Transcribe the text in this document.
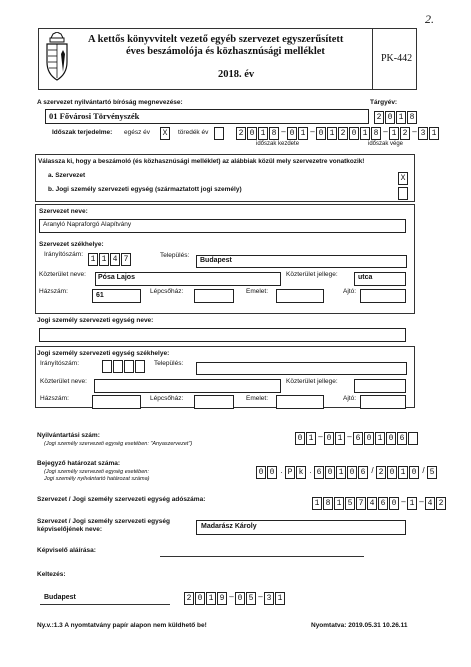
2.
A kettős könyvvitelt vezető egyéb szervezet egyszerűsített
éves beszámolója és közhasznúsági melléklet
2018. év
PK-442
A szervezet nyilvántartó bíróság megnevezése:	Tárgyév:
01 Fővárosi Törvényszék	2 0 1 8
Időszak terjedelme: egész év	X	töredék év	2 0 1 8 – 0 1 – 0 1 2 0 1 8 – 1 2 – 3 1
időszak kezdete	időszak vége
Válassza ki, hogy a beszámoló (és közhasznúsági melléklet) az alábbiak közül mely szervezetre vonatkozik!
a. Szervezet	X
b. Jogi személy szervezeti egység (származtatott jogi személy)
Szervezet neve:
Aranyló Napraforgó Alapítvány
Szervezet székhelye:
Irányítószám:
1 1 4 7	Település:
Budapest
Közterület neve: Pósa Lajos	Közterület jellege:	utca
Házszám:
61
Lépcsőház:	Emelet:	Ajtó:
Jogi személy szervezeti egység neve:
Jogi személy szervezeti egység székhelye:
Irányítószám:	Település:
Közterület neve:	Közterület jellege:
Házszám:	Lépcsőház:	Emelet:	Ajtó:
Nyilvántartási szám:
(Jogi személy szervezeti egység esetében: "Anyaszervezet")
0 1 – 0 1 – 6 0 1 0 6
Bejegyző határozat száma:
(Jogi személy szervezeti egység esetében:
Jogi személy nyilvántartó határozat száma)
0 0 . P k . 6 0 1 0 6 / 2 0 1 0 / 5
Szervezet / Jogi személy szervezeti egység adószáma:	1 8 1 5 7 4 6 0 – 1 – 4 2
Szervezet / Jogi személy szervezeti egység
képviselőjének neve:	Madarász Károly
Képviselő aláírása:
Keltezés:
Budapest	2 0 1 9 – 0 5 – 3 1
Ny.v.:1.3 A nyomtatvány papír alapon nem küldhető be!	Nyomtatva: 2019.05.31 10.26.11
